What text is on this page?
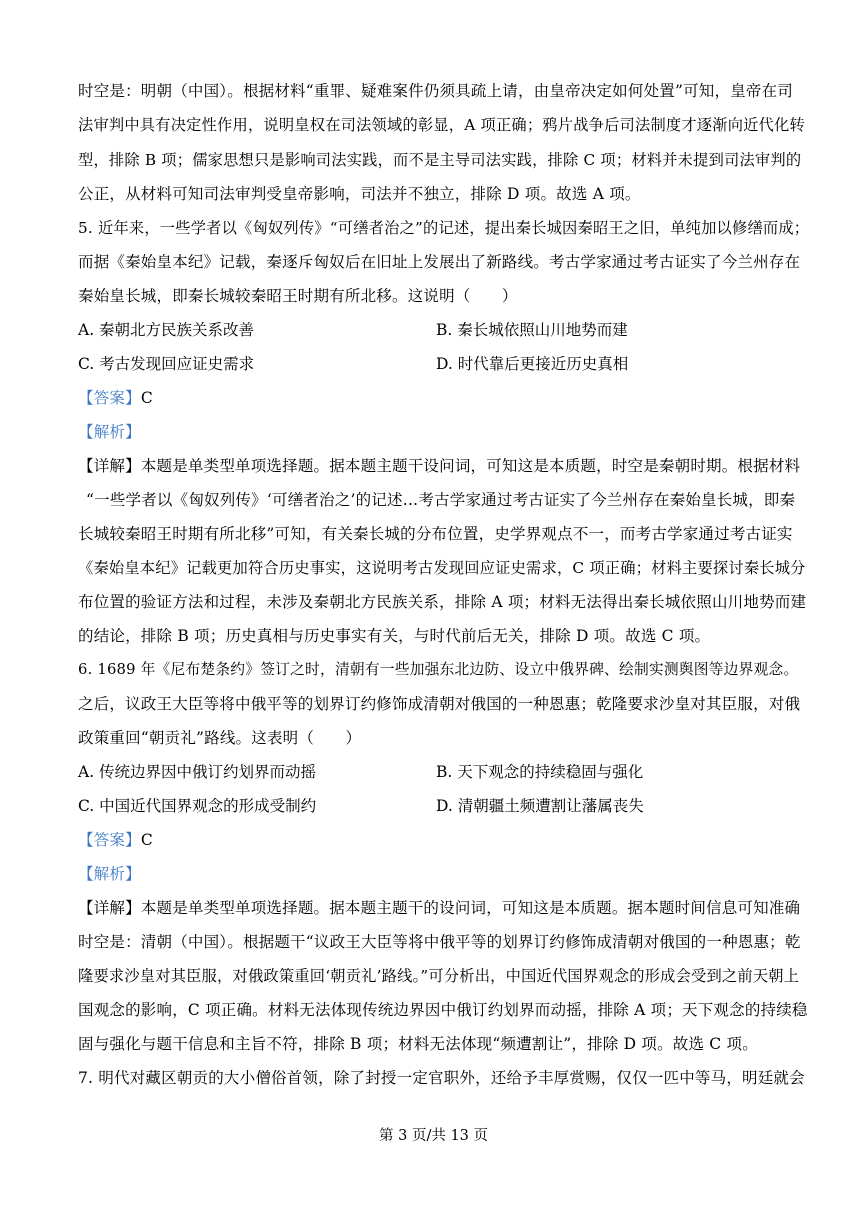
时空是：明朝（中国）。根据材料“重罪、疑难案件仍须具疏上请，由皇帝决定如何处置”可知，皇帝在司
法审判中具有决定性作用，说明皇权在司法领域的彰显，A 项正确；鸦片战争后司法制度才逐渐向近代化转
型，排除 B 项；儒家思想只是影响司法实践，而不是主导司法实践，排除 C 项；材料并未提到司法审判的
公正，从材料可知司法审判受皇帝影响，司法并不独立，排除 D 项。故选 A 项。
5. 近年来，一些学者以《匈奴列传》“可缮者治之”的记述，提出秦长城因秦昭王之旧，单纯加以修缮而成；
而据《秦始皇本纪》记载，秦逐斥匈奴后在旧址上发展出了新路线。考古学家通过考古证实了今兰州存在
秦始皇长城，即秦长城较秦昭王时期有所北移。这说明（　　）
A. 秦朝北方民族关系改善	B. 秦长城依照山川地势而建
C. 考古发现回应证史需求	D. 时代靠后更接近历史真相
【答案】C
【解析】
【详解】本题是单类型单项选择题。据本题主题干设问词，可知这是本质题，时空是秦朝时期。根据材料
“一些学者以《匈奴列传》‘可缮者治之’的记述…考古学家通过考古证实了今兰州存在秦始皇长城，即秦
长城较秦昭王时期有所北移”可知，有关秦长城的分布位置，史学界观点不一，而考古学家通过考古证实
《秦始皇本纪》记载更加符合历史事实，这说明考古发现回应证史需求，C 项正确；材料主要探讨秦长城分
布位置的验证方法和过程，未涉及秦朝北方民族关系，排除 A 项；材料无法得出秦长城依照山川地势而建
的结论，排除 B 项；历史真相与历史事实有关，与时代前后无关，排除 D 项。故选 C 项。
6. 1689 年《尼布楚条约》签订之时，清朝有一些加强东北边防、设立中俄界碑、绘制实测舆图等边界观念。
之后，议政王大臣等将中俄平等的划界订约修饰成清朝对俄国的一种恩惠；乾隆要求沙皇对其臣服，对俄
政策重回“朝贡礼”路线。这表明（　　）
A. 传统边界因中俄订约划界而动摇	B. 天下观念的持续稳固与强化
C. 中国近代国界观念的形成受制约	D. 清朝疆土频遭割让藩属丧失
【答案】C
【解析】
【详解】本题是单类型单项选择题。据本题主题干的设问词，可知这是本质题。据本题时间信息可知准确
时空是：清朝（中国）。根据题干“议政王大臣等将中俄平等的划界订约修饰成清朝对俄国的一种恩惠；乾
隆要求沙皇对其臣服，对俄政策重回‘朝贡礼’路线。”可分析出，中国近代国界观念的形成会受到之前天朝上
国观念的影响，C 项正确。材料无法体现传统边界因中俄订约划界而动摇，排除 A 项；天下观念的持续稳
固与强化与题干信息和主旨不符，排除 B 项；材料无法体现“频遭割让”，排除 D 项。故选 C 项。
7. 明代对藏区朝贡的大小僧俗首领，除了封授一定官职外，还给予丰厚赏赐，仅仅一匹中等马，明廷就会
第 3 页/共 13 页
